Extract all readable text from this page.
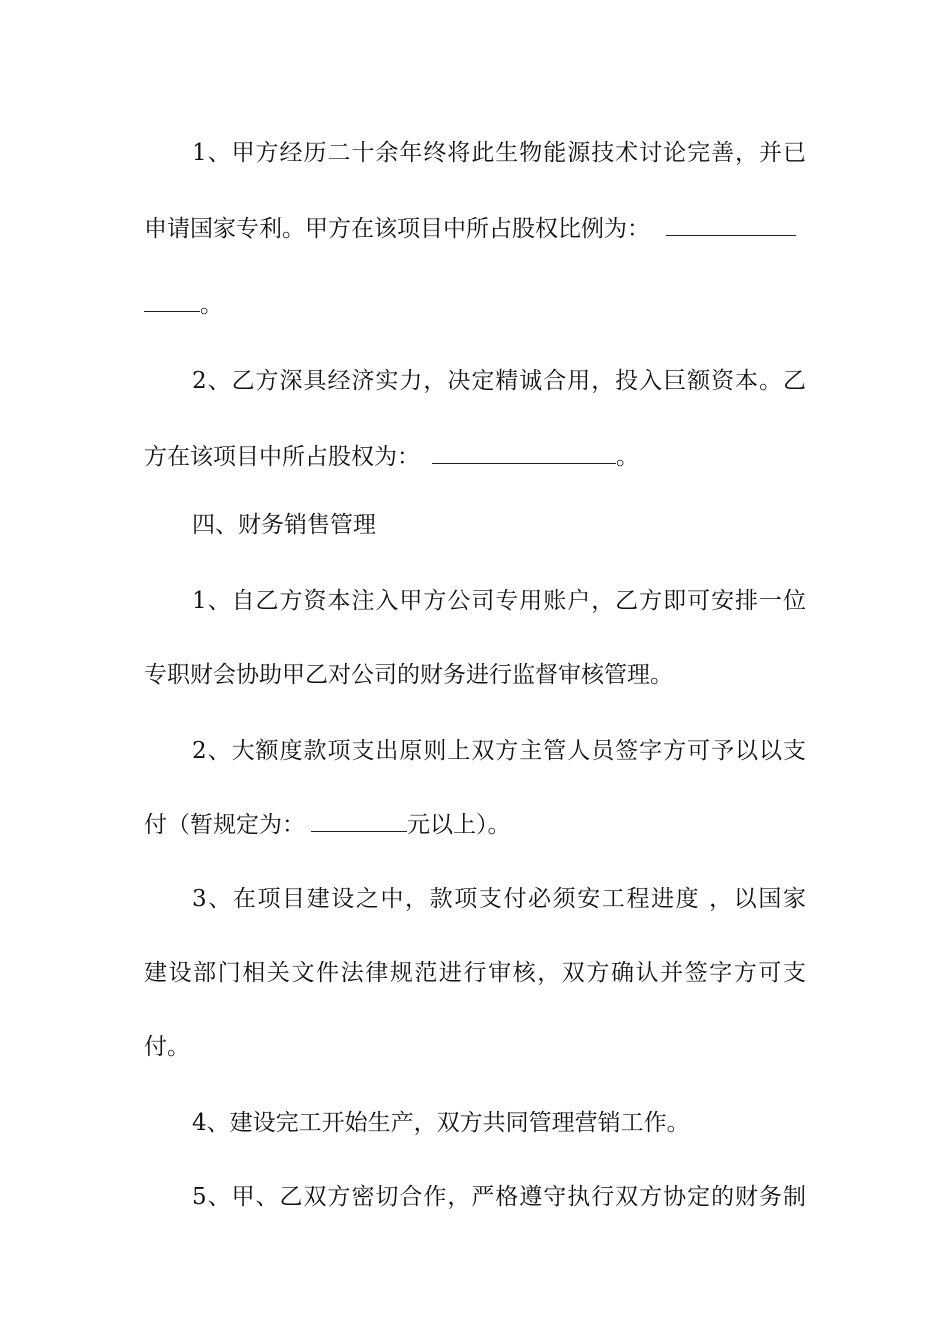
1、甲方经历二十余年终将此生物能源技术讨论完善，并已
申请国家专利。甲方在该项目中所占股权比例为：
。
2、乙方深具经济实力，决定精诚合用，投入巨额资本。乙
方在该项目中所占股权为：	。
四、财务销售管理
1、自乙方资本注入甲方公司专用账户，乙方即可安排一位
专职财会协助甲乙对公司的财务进行监督审核管理。
2、大额度款项支出原则上双方主管人员签字方可予以以支
付（暂规定为：	元以上）。
3、在项目建设之中，款项支付必须安工程进度 ，以国家
建设部门相关文件法律规范进行审核，双方确认并签字方可支
付。
4、建设完工开始生产，双方共同管理营销工作。
5、甲、乙双方密切合作，严格遵守执行双方协定的财务制
